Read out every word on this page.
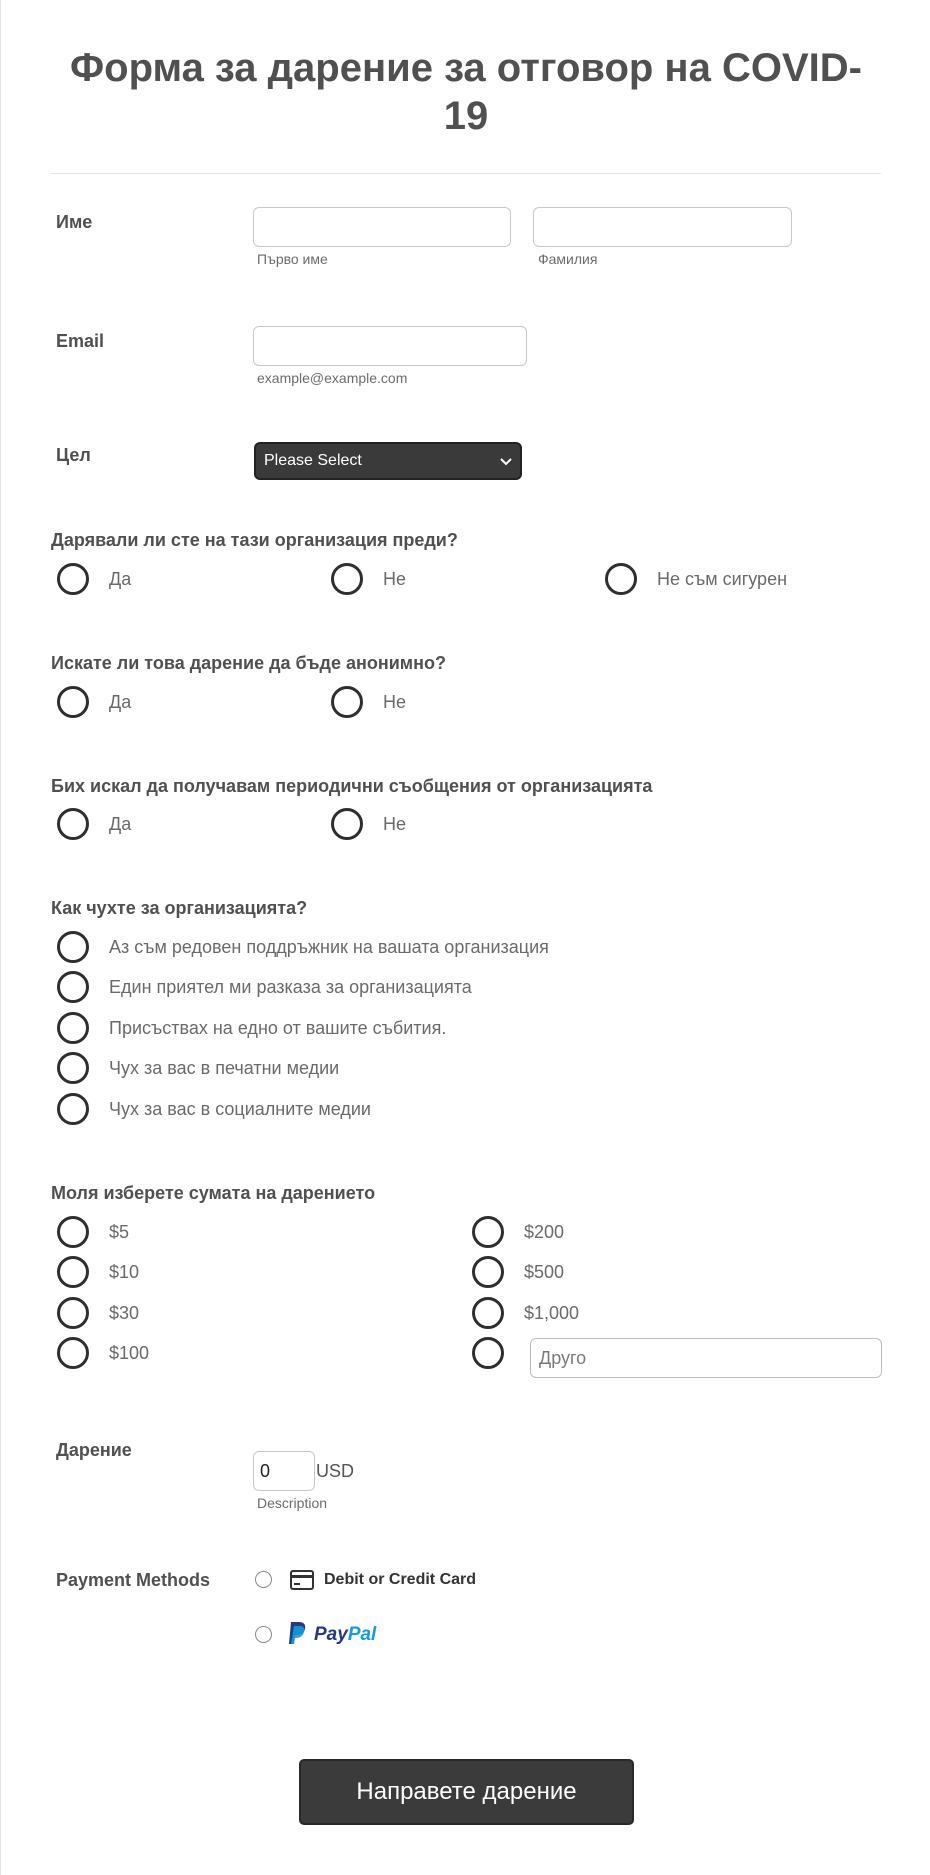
Форма за дарение за отговор на COVID-19
Име
Първо име	Фамилия
Email
example@example.com
Цел	Please Select
Дарявали ли сте на тази организация преди?
Да	Не	Не съм сигурен
Искате ли това дарение да бъде анонимно?
Да	Не
Бих искал да получавам периодични съобщения от организацията
Да	Не
Как чухте за организацията?
Аз съм редовен поддръжник на вашата организация
Един приятел ми разказа за организацията
Присъствах на едно от вашите събития.
Чух за вас в печатни медии
Чух за вас в социалните медии
Моля изберете сумата на дарението
$5
$10
$30
$100
$200
$500
$1,000
Друго
Дарение
0	USD
Description
Payment Methods	Debit or Credit Card
PayPal
Направете дарение
